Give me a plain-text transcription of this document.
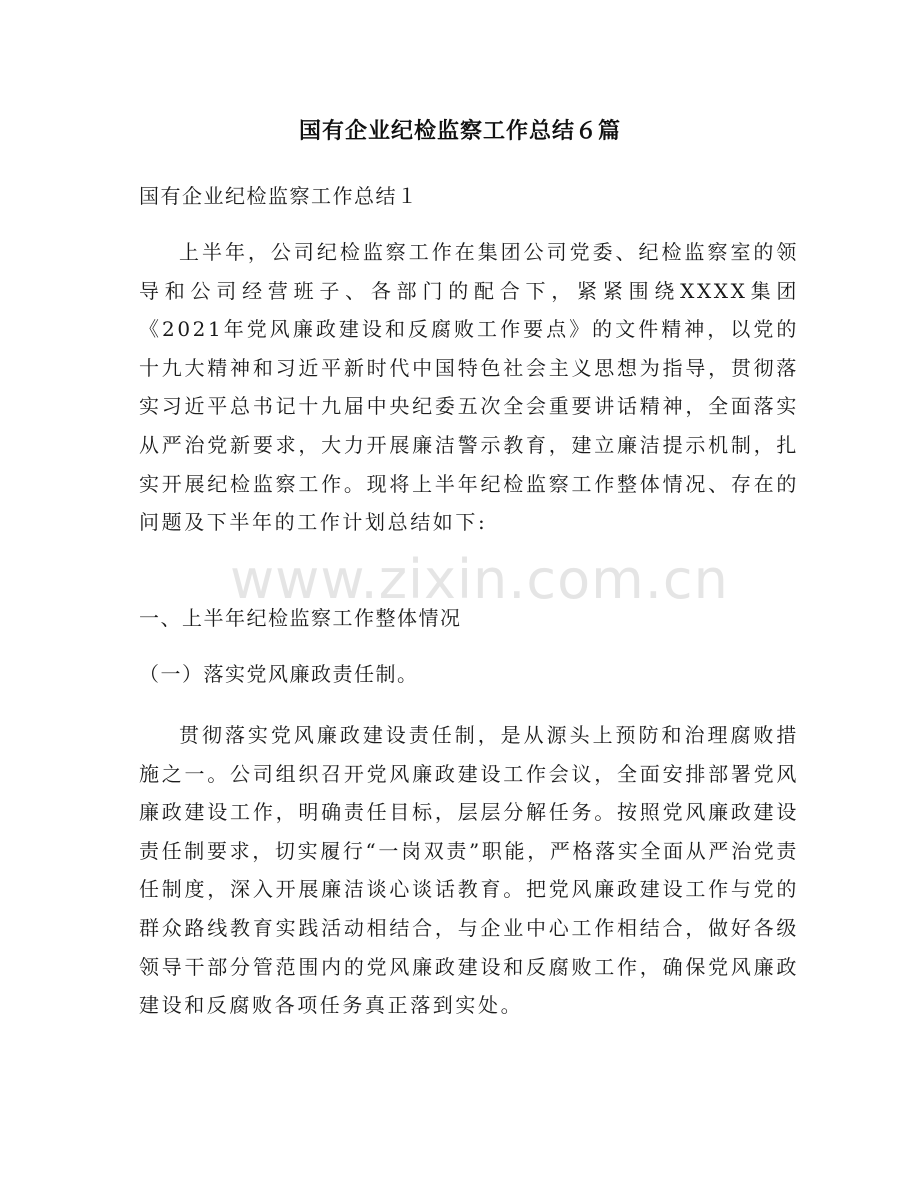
国有企业纪检监察工作总结６篇
国有企业纪检监察工作总结１
上半年，公司纪检监察工作在集团公司党委、纪检监察室的领导和公司经营班子、各部门的配合下，紧紧围绕XXXX集团《2021年党风廉政建设和反腐败工作要点》的文件精神，以党的十九大精神和习近平新时代中国特色社会主义思想为指导，贯彻落实习近平总书记十九届中央纪委五次全会重要讲话精神，全面落实从严治党新要求，大力开展廉洁警示教育，建立廉洁提示机制，扎实开展纪检监察工作。现将上半年纪检监察工作整体情况、存在的问题及下半年的工作计划总结如下:
一、上半年纪检监察工作整体情况
（一）落实党风廉政责任制。
贯彻落实党风廉政建设责任制，是从源头上预防和治理腐败措施之一。公司组织召开党风廉政建设工作会议，全面安排部署党风廉政建设工作，明确责任目标，层层分解任务。按照党风廉政建设责任制要求，切实履行“一岗双责”职能，严格落实全面从严治党责任制度，深入开展廉洁谈心谈话教育。把党风廉政建设工作与党的群众路线教育实践活动相结合，与企业中心工作相结合，做好各级领导干部分管范围内的党风廉政建设和反腐败工作，确保党风廉政建设和反腐败各项任务真正落到实处。
www.zixin.com.cn
